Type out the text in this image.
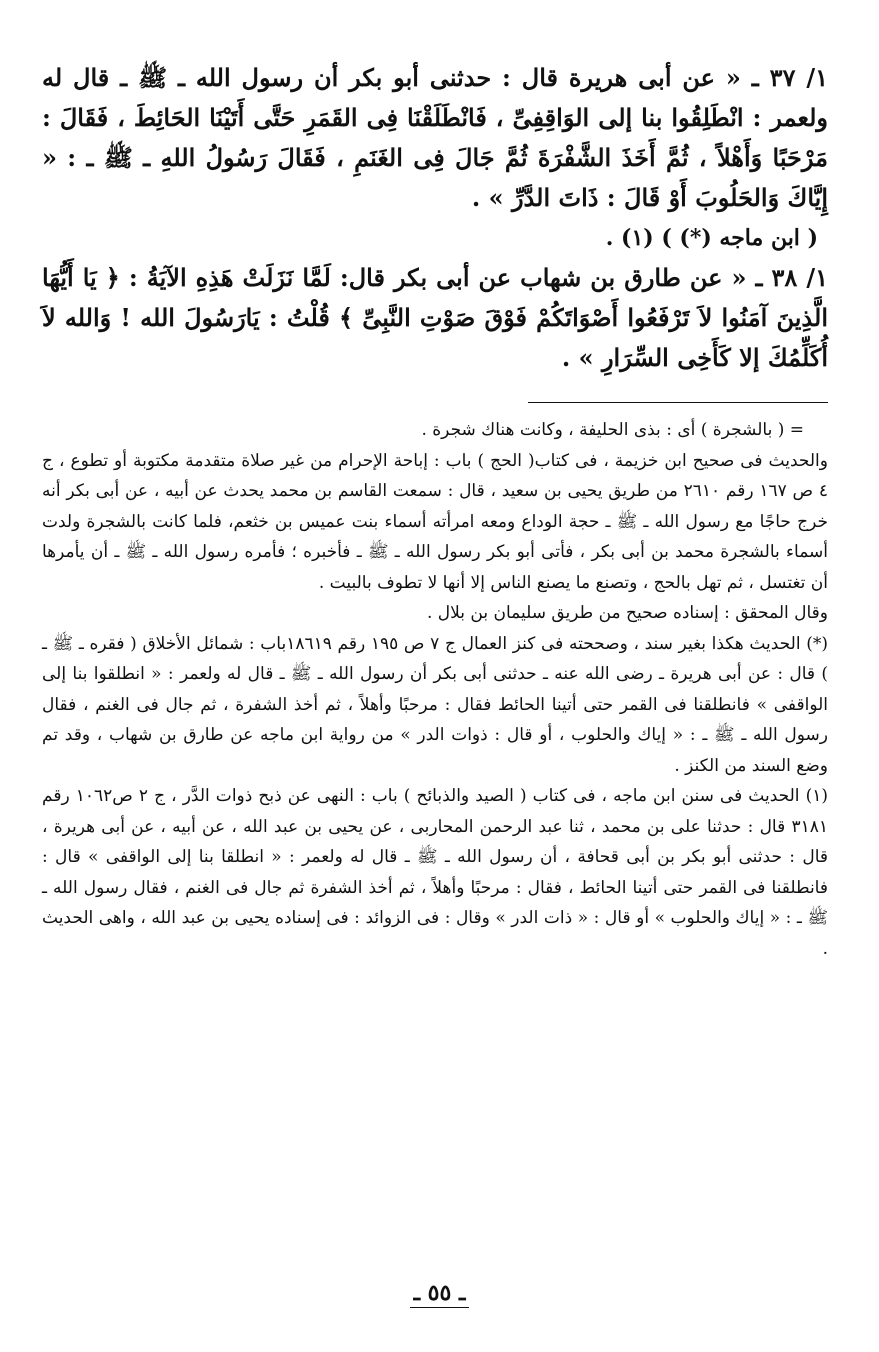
١/ ٣٧ ـ « عن أبى هريرة قال : حدثنى أبو بكر أن رسول الله ـ ﷺ ـ قال له ولعمر : انْطَلِقُوا بنا إلى الوَاقِفِىِّ ، فَانْطَلَقْنَا فِى القَمَرِ حَتَّى أَتَيْنَا الحَائِطَ ، فَقَالَ : مَرْحَبًا وَأَهْلاً ، ثُمَّ أَخَذَ الشَّفْرَةَ ثُمَّ جَالَ فِى الغَنَمِ ، فَقَالَ رَسُولُ اللهِ ـ ﷺ ـ : « إِيَّاكَ وَالحَلُوبَ أَوْ قَالَ : ذَاتَ الدَّرِّ » .

( ابن ماجه (*) ) (١) .

١/ ٣٨ ـ « عن طارق بن شهاب عن أبى بكر قال: لَمَّا نَزَلَتْ هَذِهِ الآيَةُ : ﴿ يَا أَيُّهَا الَّذِينَ آمَنُوا لاَ تَرْفَعُوا أَصْوَاتَكُمْ فَوْقَ صَوْتِ النَّبِىِّ ﴾ قُلْتُ : يَارَسُولَ الله ! وَالله لاَ أُكَلِّمُكَ إلا كَأَخِى السِّرَارِ » .

= ( بالشجرة ) أى : بذى الحليفة ، وكانت هناك شجرة .

والحديث فى صحيح ابن خزيمة ، فى كتاب( الحج ) باب : إباحة الإحرام من غير صلاة متقدمة مكتوبة أو تطوع ، ج ٤ ص ١٦٧ رقم ٢٦١٠ من طريق يحيى بن سعيد ، قال : سمعت القاسم بن محمد يحدث عن أبيه ، عن أبى بكر أنه خرج حاجًا مع رسول الله ـ ﷺ ـ حجة الوداع ومعه امرأته أسماء بنت عميس بن خثعم، فلما كانت بالشجرة ولدت أسماء بالشجرة محمد بن أبى بكر ، فأتى أبو بكر رسول الله ـ ﷺ ـ فأخبره ؛ فأمره رسول الله ـ ﷺ ـ أن يأمرها أن تغتسل ، ثم تهل بالحج ، وتصنع ما يصنع الناس إلا أنها لا تطوف بالبيت .

وقال المحقق : إسناده صحيح من طريق سليمان بن بلال .

(*) الحديث هكذا بغير سند ، وصححته فى كنز العمال ج ٧ ص ١٩٥ رقم ١٨٦١٩باب : شمائل الأخلاق ( فقره ـ ﷺ ـ ) قال : عن أبى هريرة ـ رضى الله عنه ـ حدثنى أبى بكر أن رسول الله ـ ﷺ ـ قال له ولعمر : « انطلقوا بنا إلى الواقفى » فانطلقنا فى القمر حتى أتينا الحائط فقال : مرحبًا وأهلاً ، ثم أخذ الشفرة ، ثم جال فى الغنم ، فقال رسول الله ـ ﷺ ـ : « إياك والحلوب ، أو قال : ذوات الدر » من رواية ابن ماجه عن طارق بن شهاب ، وقد تم وضع السند من الكنز .

(١) الحديث فى سنن ابن ماجه ، فى كتاب ( الصيد والذبائح ) باب : النهى عن ذبح ذوات الدَّر ، ج ٢ ص١٠٦٢ رقم ٣١٨١ قال : حدثنا على بن محمد ، ثنا عبد الرحمن المحاربى ، عن يحيى بن عبد الله ، عن أبيه ، عن أبى هريرة ، قال : حدثنى أبو بكر بن أبى قحافة ، أن رسول الله ـ ﷺ ـ قال له ولعمر : « انطلقا بنا إلى الواقفى » قال : فانطلقنا فى القمر حتى أتينا الحائط ، فقال : مرحبًا وأهلاً ، ثم أخذ الشفرة ثم جال فى الغنم ، فقال رسول الله ـ ﷺ ـ : « إياك والحلوب » أو قال : « ذات الدر » وقال : فى الزوائد : فى إسناده يحيى بن عبد الله ، واهى الحديث .

ـ ٥٥ ـ
